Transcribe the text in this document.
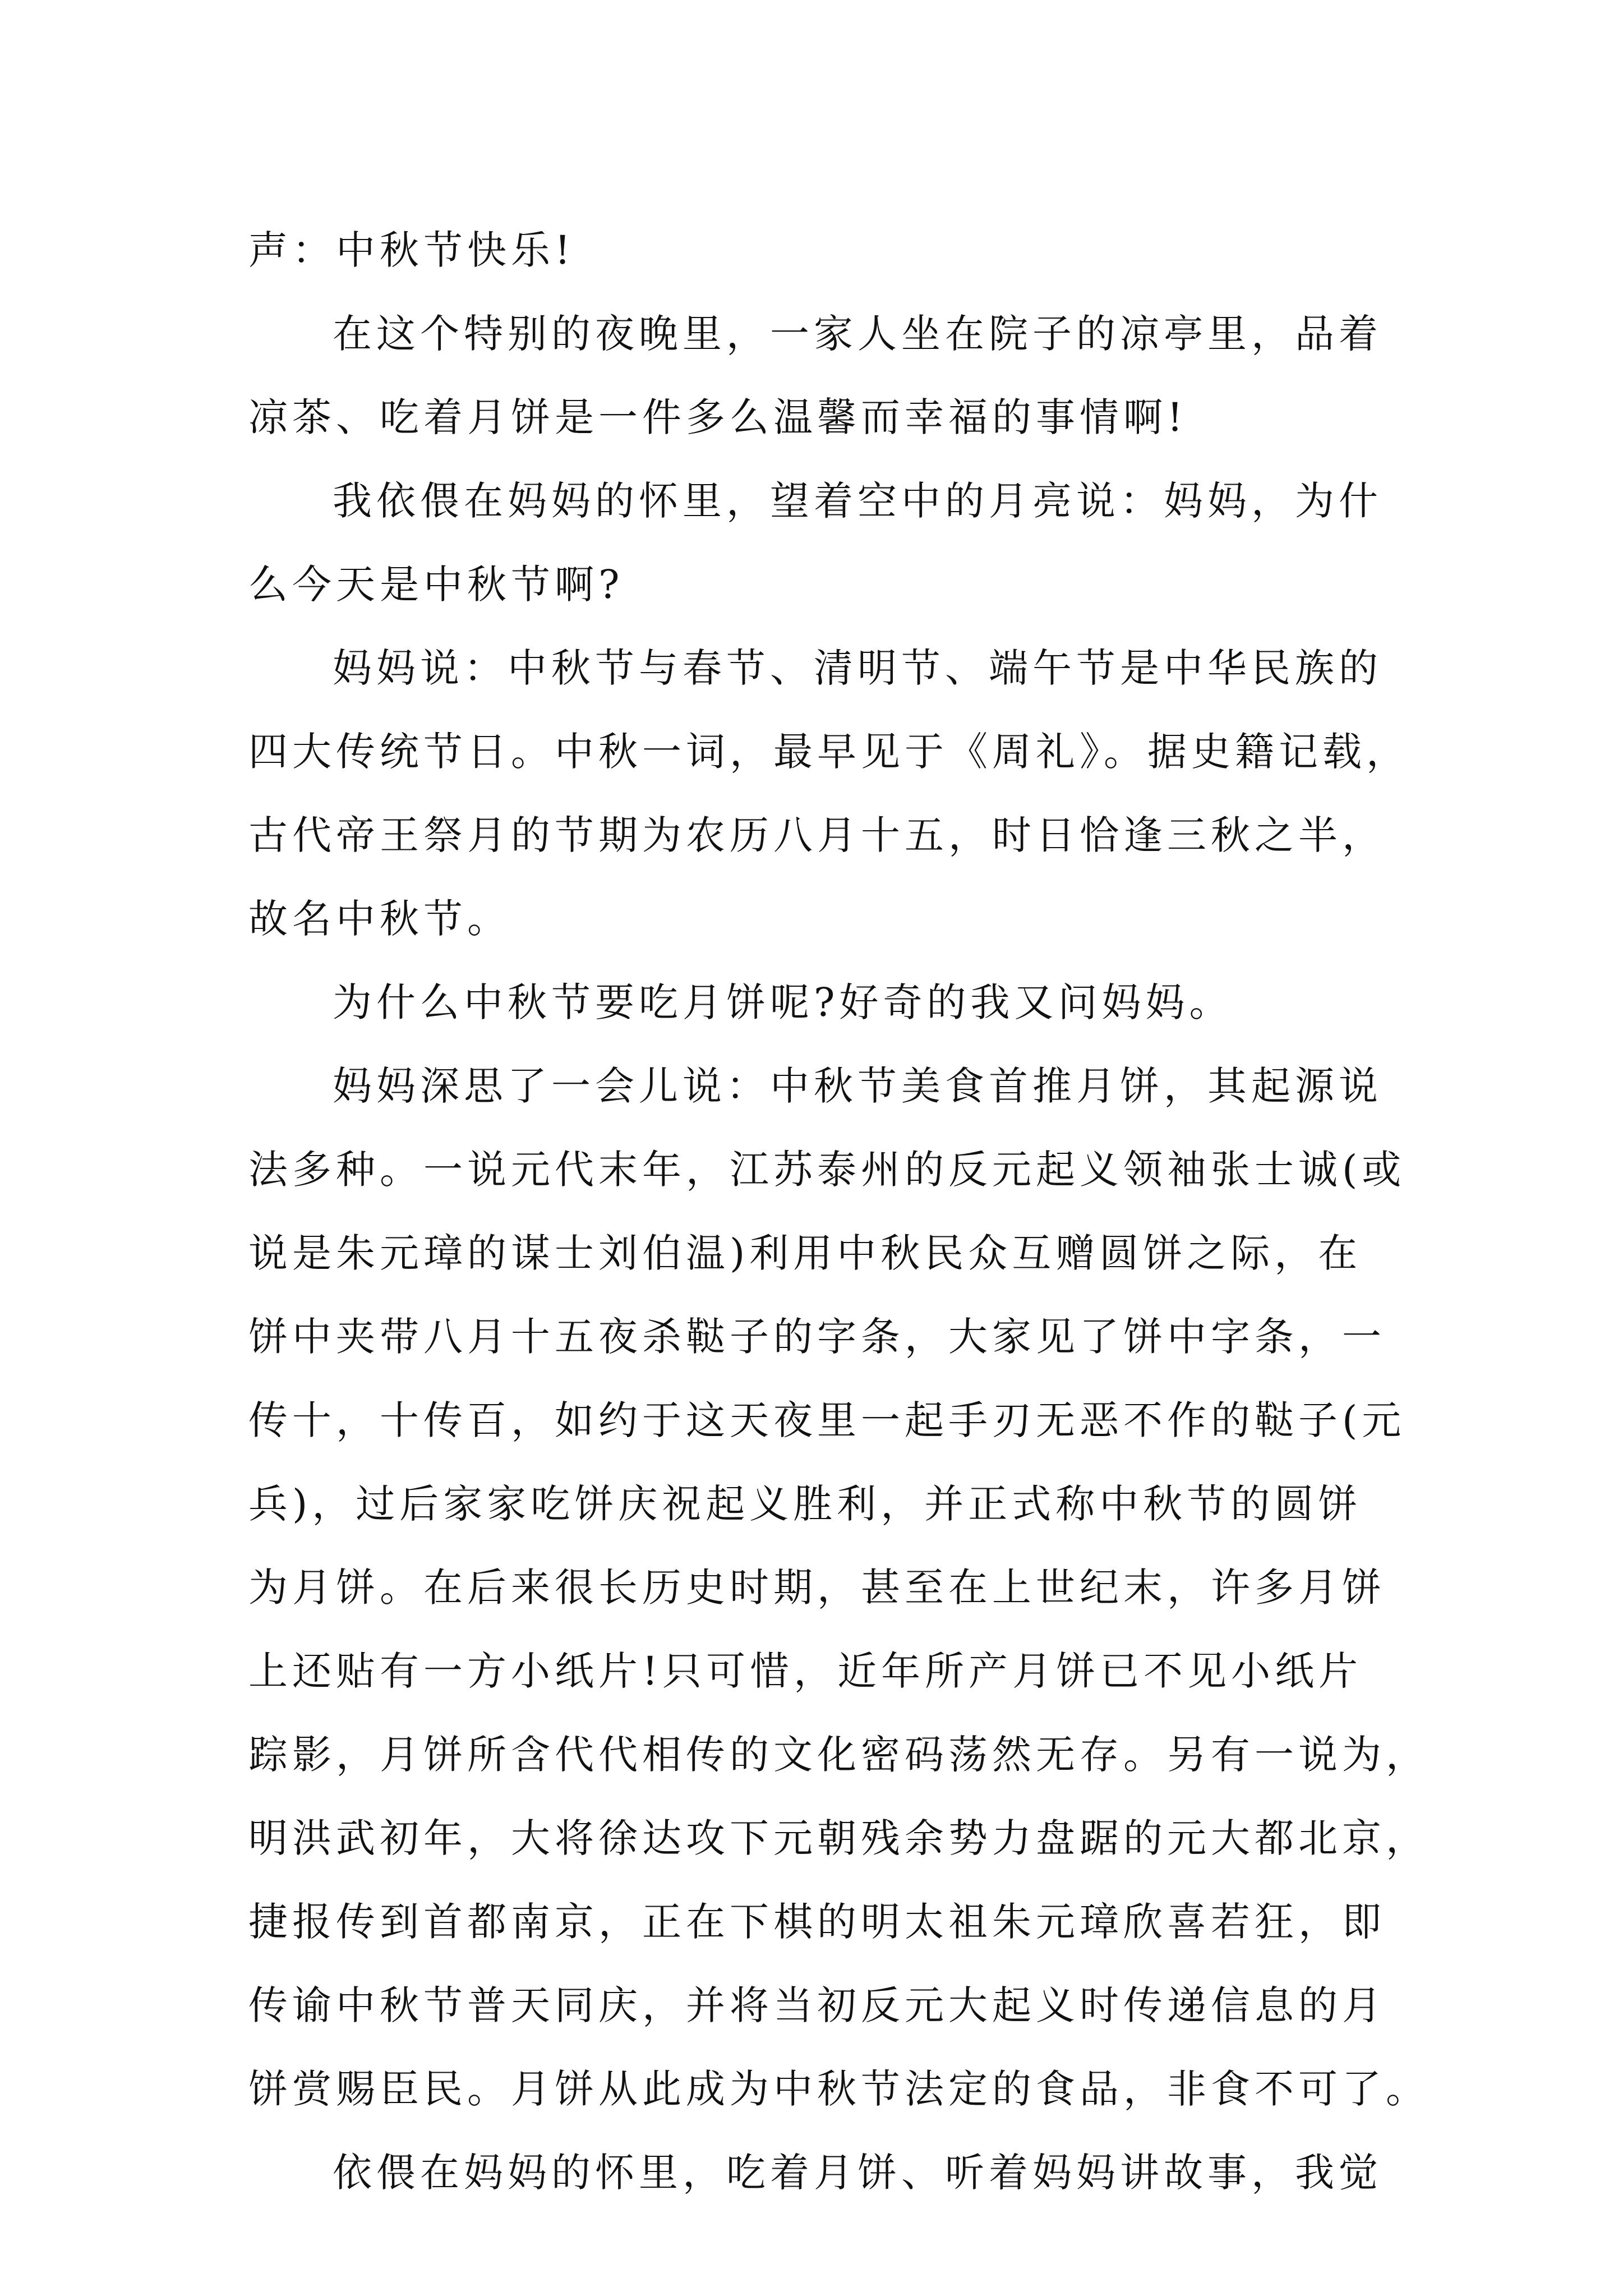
声：中秋节快乐!
在这个特别的夜晚里，一家人坐在院子的凉亭里，品着
凉茶、吃着月饼是一件多么温馨而幸福的事情啊!
我依偎在妈妈的怀里，望着空中的月亮说：妈妈，为什
么今天是中秋节啊?
妈妈说：中秋节与春节、清明节、端午节是中华民族的
四大传统节日。中秋一词，最早见于《周礼》。据史籍记载，
古代帝王祭月的节期为农历八月十五，时日恰逢三秋之半，
故名中秋节。
为什么中秋节要吃月饼呢?好奇的我又问妈妈。
妈妈深思了一会儿说：中秋节美食首推月饼，其起源说
法多种。一说元代末年，江苏泰州的反元起义领袖张士诚(或
说是朱元璋的谋士刘伯温)利用中秋民众互赠圆饼之际，在
饼中夹带八月十五夜杀鞑子的字条，大家见了饼中字条，一
传十，十传百，如约于这天夜里一起手刃无恶不作的鞑子(元
兵)，过后家家吃饼庆祝起义胜利，并正式称中秋节的圆饼
为月饼。在后来很长历史时期，甚至在上世纪末，许多月饼
上还贴有一方小纸片!只可惜，近年所产月饼已不见小纸片
踪影，月饼所含代代相传的文化密码荡然无存。另有一说为，
明洪武初年，大将徐达攻下元朝残余势力盘踞的元大都北京，
捷报传到首都南京，正在下棋的明太祖朱元璋欣喜若狂，即
传谕中秋节普天同庆，并将当初反元大起义时传递信息的月
饼赏赐臣民。月饼从此成为中秋节法定的食品，非食不可了。
依偎在妈妈的怀里，吃着月饼、听着妈妈讲故事，我觉
